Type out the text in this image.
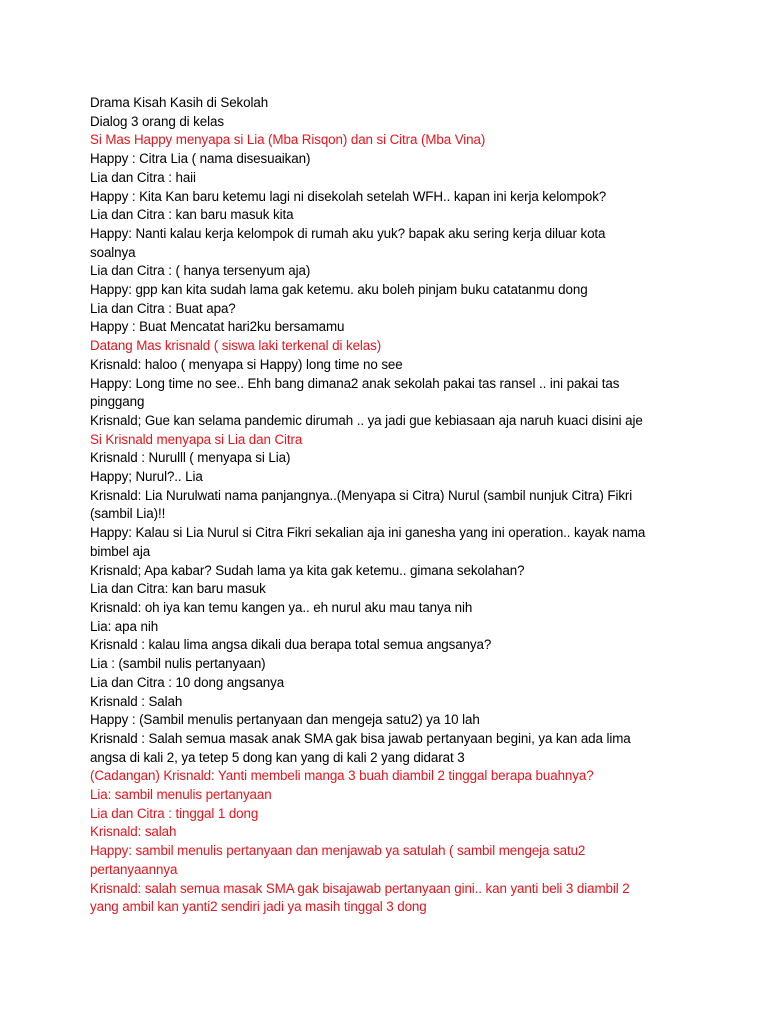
Drama Kisah Kasih di Sekolah
Dialog 3 orang di kelas
Si Mas Happy menyapa si Lia (Mba Risqon) dan si Citra (Mba Vina)
Happy : Citra Lia ( nama disesuaikan)
Lia dan Citra : haii
Happy : Kita Kan baru ketemu lagi ni disekolah setelah WFH.. kapan ini kerja kelompok?
Lia dan Citra : kan baru masuk kita
Happy: Nanti kalau kerja kelompok di rumah aku yuk? bapak aku sering kerja diluar kota
soalnya
Lia dan Citra : ( hanya tersenyum aja)
Happy: gpp kan kita sudah lama gak ketemu. aku boleh pinjam buku catatanmu dong
Lia dan Citra : Buat apa?
Happy : Buat Mencatat hari2ku bersamamu
Datang Mas krisnald ( siswa laki terkenal di kelas)
Krisnald: haloo ( menyapa si Happy) long time no see
Happy: Long time no see.. Ehh bang dimana2 anak sekolah pakai tas ransel .. ini pakai tas
pinggang
Krisnald; Gue kan selama pandemic dirumah .. ya jadi gue kebiasaan aja naruh kuaci disini aje
Si Krisnald menyapa si Lia dan Citra
Krisnald : Nurulll ( menyapa si Lia)
Happy; Nurul?.. Lia
Krisnald: Lia Nurulwati nama panjangnya..(Menyapa si Citra) Nurul (sambil nunjuk Citra) Fikri
(sambil Lia)!!
Happy: Kalau si Lia Nurul si Citra Fikri sekalian aja ini ganesha yang ini operation.. kayak nama
bimbel aja
Krisnald; Apa kabar? Sudah lama ya kita gak ketemu.. gimana sekolahan?
Lia dan Citra: kan baru masuk
Krisnald: oh iya kan temu kangen ya.. eh nurul aku mau tanya nih
Lia: apa nih
Krisnald : kalau lima angsa dikali dua berapa total semua angsanya?
Lia : (sambil nulis pertanyaan)
Lia dan Citra : 10 dong angsanya
Krisnald : Salah
Happy : (Sambil menulis pertanyaan dan mengeja satu2) ya 10 lah
Krisnald : Salah semua masak anak SMA gak bisa jawab pertanyaan begini, ya kan ada lima
angsa di kali 2, ya tetep 5 dong kan yang di kali 2 yang didarat 3
(Cadangan) Krisnald: Yanti membeli manga 3 buah diambil 2 tinggal berapa buahnya?
Lia: sambil menulis pertanyaan
Lia dan Citra : tinggal 1 dong
Krisnald: salah
Happy: sambil menulis pertanyaan dan menjawab ya satulah ( sambil mengeja satu2
pertanyaannya
Krisnald: salah semua masak SMA gak bisajawab pertanyaan gini.. kan yanti beli 3 diambil 2
yang ambil kan yanti2 sendiri jadi ya masih tinggal 3 dong
